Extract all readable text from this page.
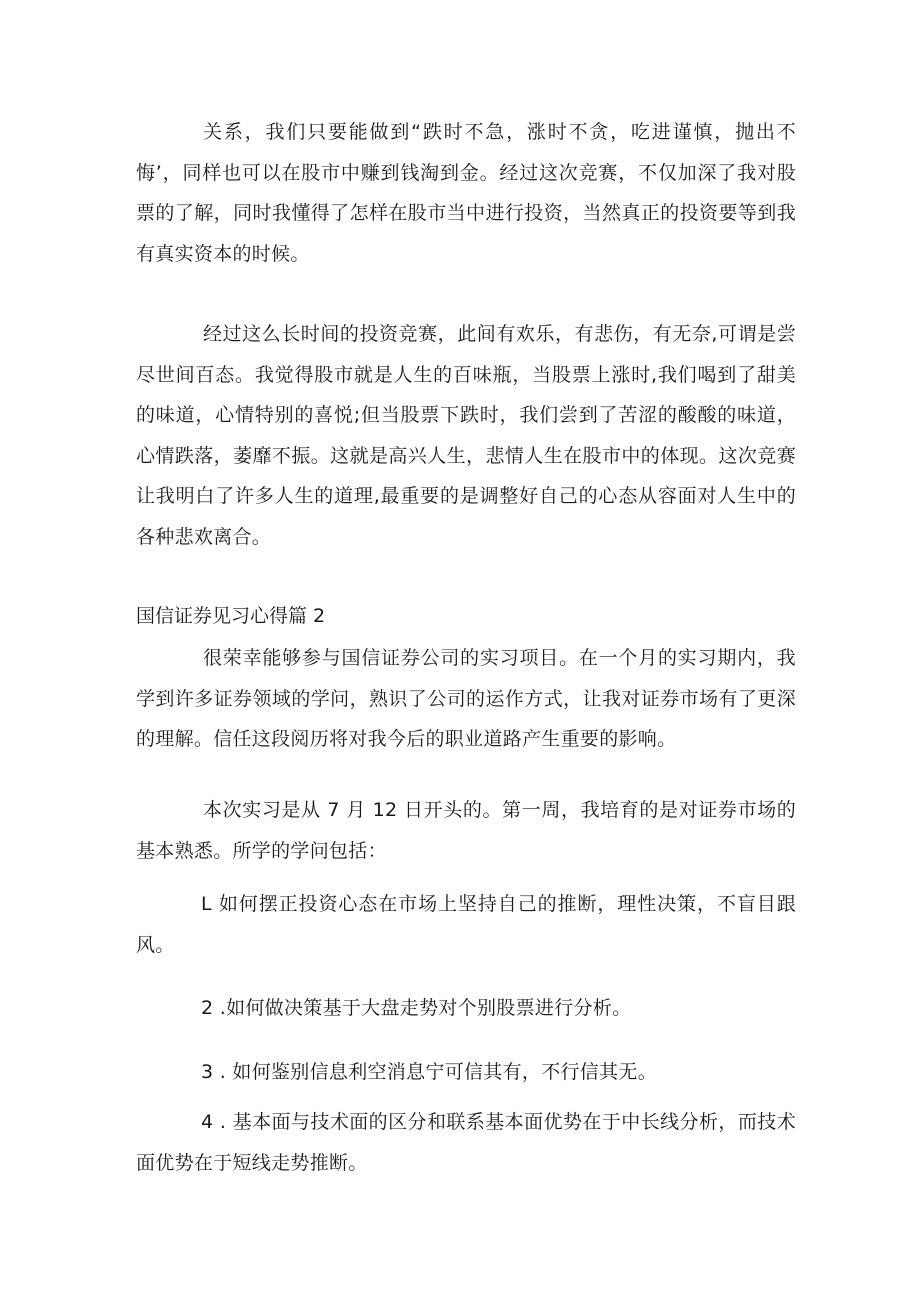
关系，我们只要能做到“跌时不急，涨时不贪，吃进谨慎，抛出不悔’，同样也可以在股市中赚到钱淘到金。经过这次竞赛，不仅加深了我对股票的了解，同时我懂得了怎样在股市当中进行投资，当然真正的投资要等到我有真实资本的时候。

经过这么长时间的投资竞赛，此间有欢乐，有悲伤，有无奈,可谓是尝尽世间百态。我觉得股市就是人生的百味瓶，当股票上涨时,我们喝到了甜美的味道，心情特别的喜悦;但当股票下跌时，我们尝到了苦涩的酸酸的味道，心情跌落，萎靡不振。这就是高兴人生，悲情人生在股市中的体现。这次竞赛让我明白了许多人生的道理,最重要的是调整好自己的心态从容面对人生中的各种悲欢离合。

国信证券见习心得篇 2

很荣幸能够参与国信证券公司的实习项目。在一个月的实习期内，我学到许多证券领域的学问，熟识了公司的运作方式，让我对证券市场有了更深的理解。信任这段阅历将对我今后的职业道路产生重要的影响。

本次实习是从 7 月 12 日开头的。第一周，我培育的是对证券市场的基本熟悉。所学的学问包括：

L 如何摆正投资心态在市场上坚持自己的推断，理性决策，不盲目跟风。

2 .如何做决策基于大盘走势对个别股票进行分析。

3 . 如何鉴别信息利空消息宁可信其有，不行信其无。

4 . 基本面与技术面的区分和联系基本面优势在于中长线分析，而技术面优势在于短线走势推断。
